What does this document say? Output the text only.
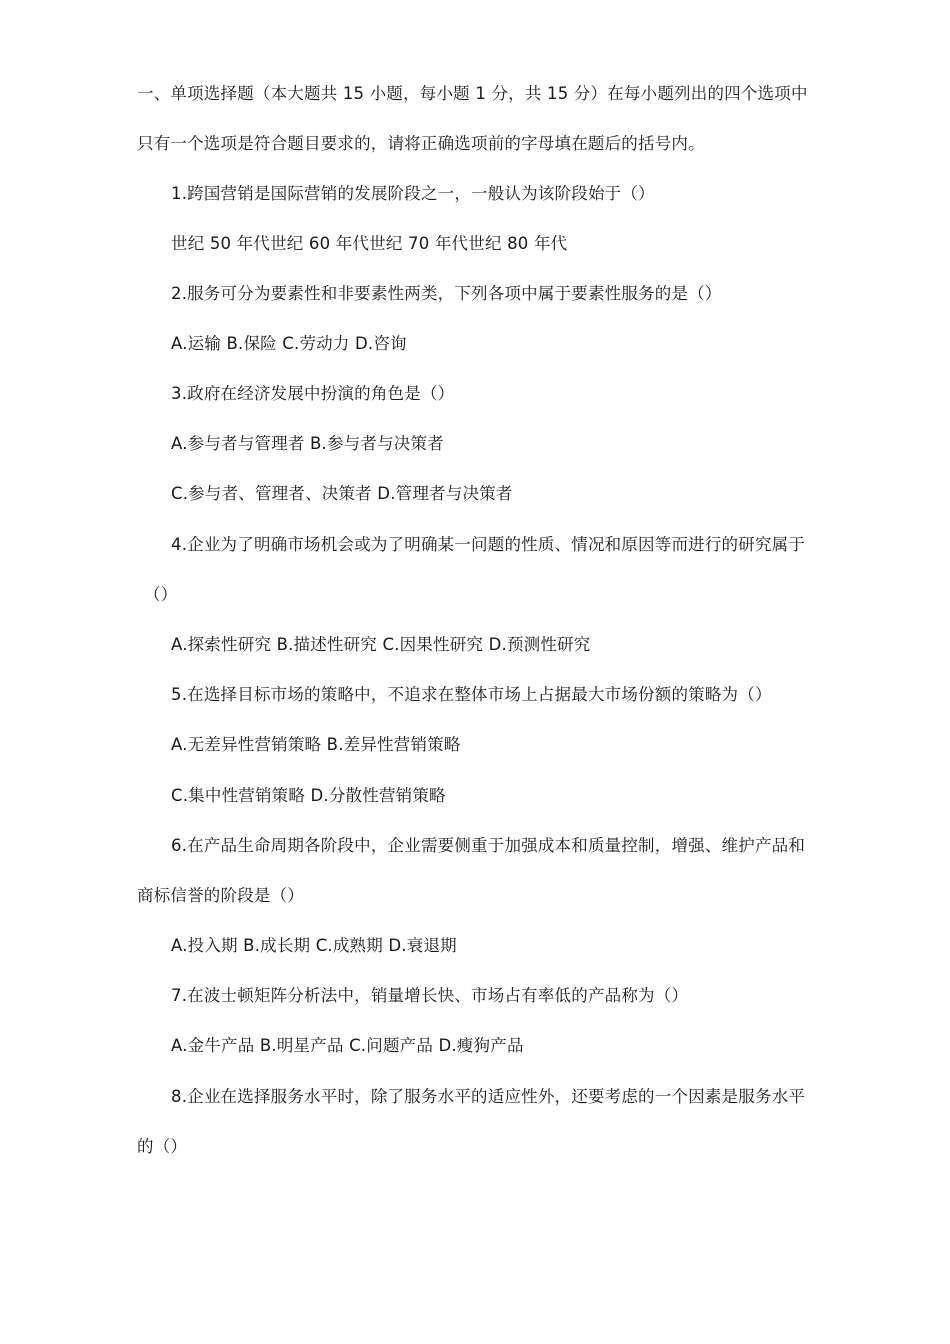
一、单项选择题（本大题共 15 小题，每小题 1 分，共 15 分）在每小题列出的四个选项中
只有一个选项是符合题目要求的，请将正确选项前的字母填在题后的括号内。
1.跨国营销是国际营销的发展阶段之一，一般认为该阶段始于（）
世纪 50 年代世纪 60 年代世纪 70 年代世纪 80 年代
2.服务可分为要素性和非要素性两类，下列各项中属于要素性服务的是（）
A.运输 B.保险 C.劳动力 D.咨询
3.政府在经济发展中扮演的角色是（）
A.参与者与管理者 B.参与者与决策者
C.参与者、管理者、决策者 D.管理者与决策者
4.企业为了明确市场机会或为了明确某一问题的性质、情况和原因等而进行的研究属于
（）
A.探索性研究 B.描述性研究 C.因果性研究 D.预测性研究
5.在选择目标市场的策略中，不追求在整体市场上占据最大市场份额的策略为（）
A.无差异性营销策略 B.差异性营销策略
C.集中性营销策略 D.分散性营销策略
6.在产品生命周期各阶段中，企业需要侧重于加强成本和质量控制，增强、维护产品和
商标信誉的阶段是（）
A.投入期 B.成长期 C.成熟期 D.衰退期
7.在波士顿矩阵分析法中，销量增长快、市场占有率低的产品称为（）
A.金牛产品 B.明星产品 C.问题产品 D.瘦狗产品
8.企业在选择服务水平时，除了服务水平的适应性外，还要考虑的一个因素是服务水平
的（）
